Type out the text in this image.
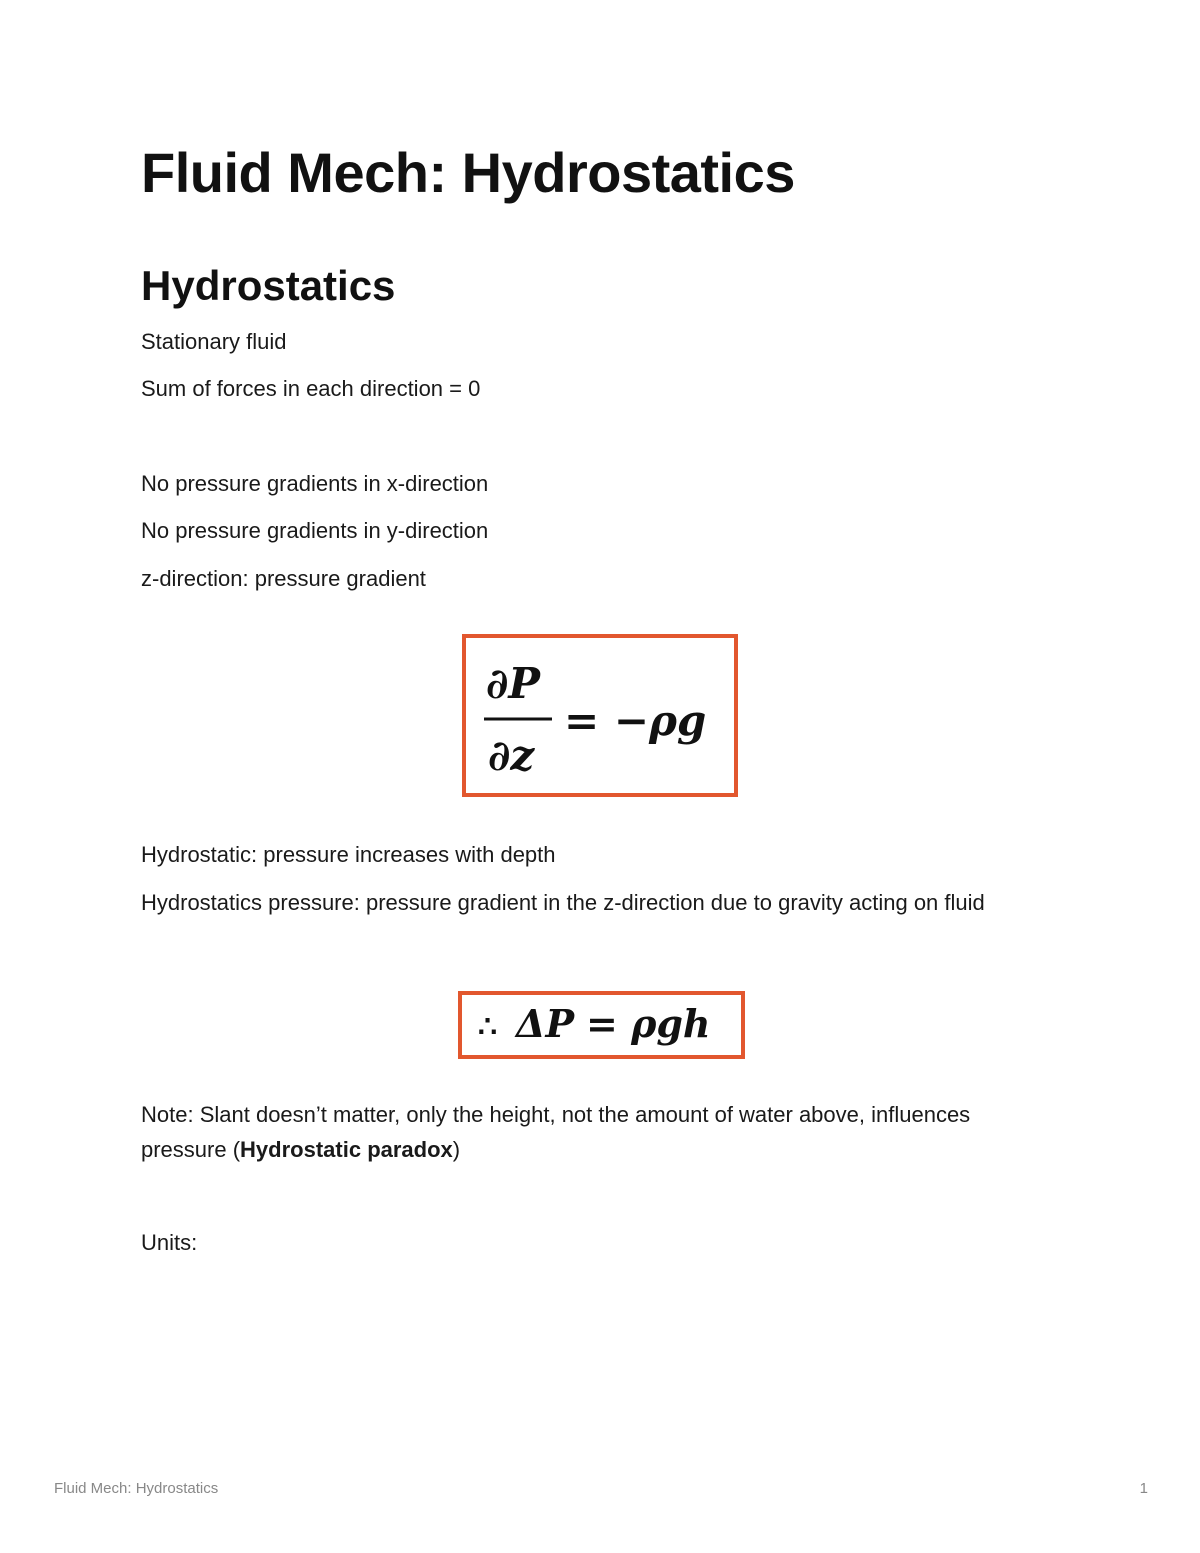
Fluid Mech: Hydrostatics
Hydrostatics

Stationary fluid

Sum of forces in each direction = 0

No pressure gradients in x-direction

No pressure gradients in y-direction

z-direction: pressure gradient

∂P
∂z
= −ρg

Hydrostatic: pressure increases with depth

Hydrostatics pressure: pressure gradient in the z-direction due to gravity acting on fluid

∴ ΔP = ρgh

Note: Slant doesn’t matter, only the height, not the amount of water above, influences pressure (Hydrostatic paradox)

Units:

Fluid Mech: Hydrostatics	1
